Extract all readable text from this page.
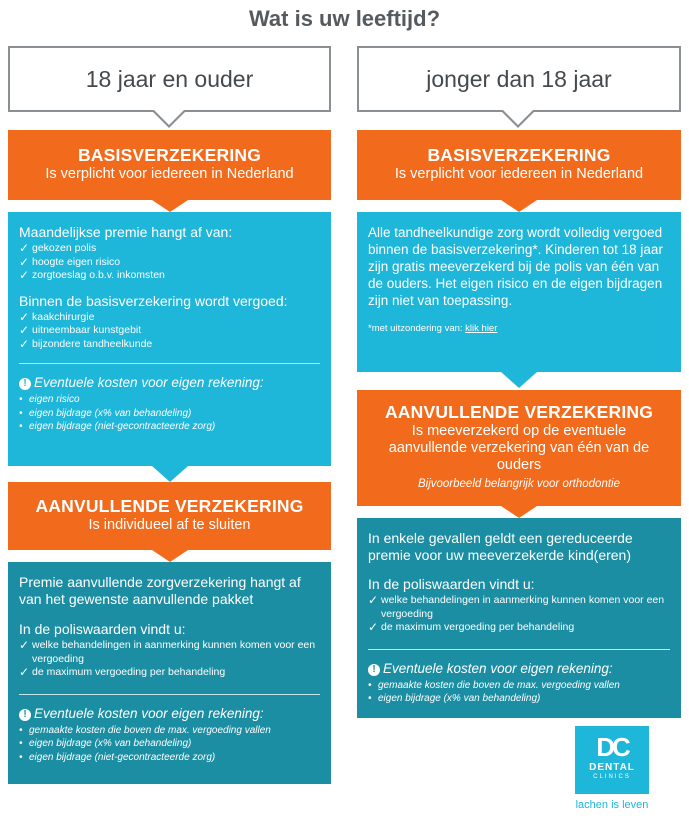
Wat is uw leeftijd?
18 jaar en ouder
BASISVERZEKERING
Is verplicht voor iedereen in Nederland
Maandelijkse premie hangt af van:
✓ gekozen polis
✓ hoogte eigen risico
✓ zorgtoeslag o.b.v. inkomsten
Binnen de basisverzekering wordt vergoed:
✓ kaakchirurgie
✓ uitneembaar kunstgebit
✓ bijzondere tandheelkunde
! Eventuele kosten voor eigen rekening:
• eigen risico
• eigen bijdrage (x% van behandeling)
• eigen bijdrage (niet-gecontracteerde zorg)
AANVULLENDE VERZEKERING
Is individueel af te sluiten
Premie aanvullende zorgverzekering hangt af van het gewenste aanvullende pakket
In de poliswaarden vindt u:
✓ welke behandelingen in aanmerking kunnen komen voor een vergoeding
✓ de maximum vergoeding per behandeling
! Eventuele kosten voor eigen rekening:
• gemaakte kosten die boven de max. vergoeding vallen
• eigen bijdrage (x% van behandeling)
• eigen bijdrage (niet-gecontracteerde zorg)
jonger dan 18 jaar
BASISVERZEKERING
Is verplicht voor iedereen in Nederland
Alle tandheelkundige zorg wordt volledig vergoed binnen de basisverzekering*. Kinderen tot 18 jaar zijn gratis meeverzekerd bij de polis van één van de ouders. Het eigen risico en de eigen bijdragen zijn niet van toepassing.
*met uitzondering van: klik hier
AANVULLENDE VERZEKERING
Is meeverzekerd op de eventuele aanvullende verzekering van één van de ouders
Bijvoorbeeld belangrijk voor orthodontie
In enkele gevallen geldt een gereduceerde premie voor uw meeverzekerde kind(eren)
In de poliswaarden vindt u:
✓ welke behandelingen in aanmerking kunnen komen voor een vergoeding
✓ de maximum vergoeding per behandeling
! Eventuele kosten voor eigen rekening:
• gemaakte kosten die boven de max. vergoeding vallen
• eigen bijdrage (x% van behandeling)
DC
DENTAL
CLINICS
lachen is leven
